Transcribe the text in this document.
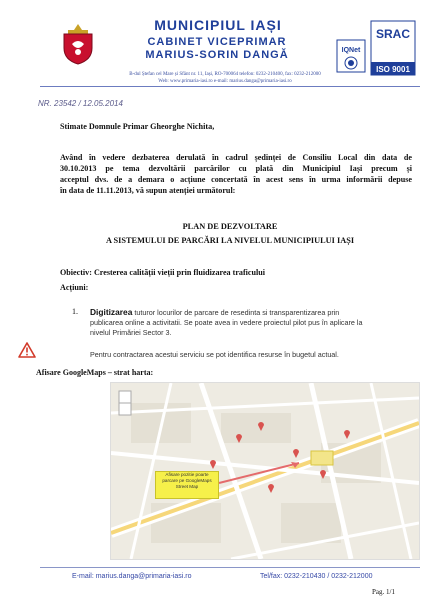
MUNICIPIUL IAȘI
CABINET VICEPRIMAR
MARIUS-SORIN DANGĂ	IQNet
SRAC
ISO 9001
B-dul Ștefan cel Mare și Sfânt nr. 11, Iași, RO-700064 telefon: 0232-210400, fax: 0232-212000
Web: www.primaria-iasi.ro e-mail: marius.danga@primaria-iasi.ro
NR. 23542 / 12.05.2014
Stimate Domnule Primar Gheorghe Nichita,
Având în vedere dezbaterea derulată în cadrul ședinței de Consiliu Local din data de
30.10.2013 pe tema dezvoltării parcărilor cu plată din Municipiul Iași precum și
acceptul dvs. de a demara o acțiune concertată în acest sens în urma informării depuse
în data de 11.11.2013, vă supun atenției următorul:
PLAN DE DEZVOLTARE
A SISTEMULUI DE PARCĂRI LA NIVELUL MUNICIPIULUI IAȘI
Obiectiv: Cresterea calitãții vieții prin fluidizarea traficului
Acțiuni:
1. Digitizarea tuturor locurilor de parcare de resedinta si transparentizarea prin
publicarea online a activitatii. Se poate avea in vedere proiectul pilot pus în aplicare la
nivelul Primăriei Sector 3.
Pentru contractarea acestui serviciu se pot identifica resurse în bugetul actual.
Afisare GoogleMaps – strat harta:
Afisare pozitie poarte
parcare pe GoogleMaps
Street Map
E-mail: marius.danga@primaria-iasi.ro	Tel/fax: 0232-210430 / 0232-212000
Pag. 1/1
